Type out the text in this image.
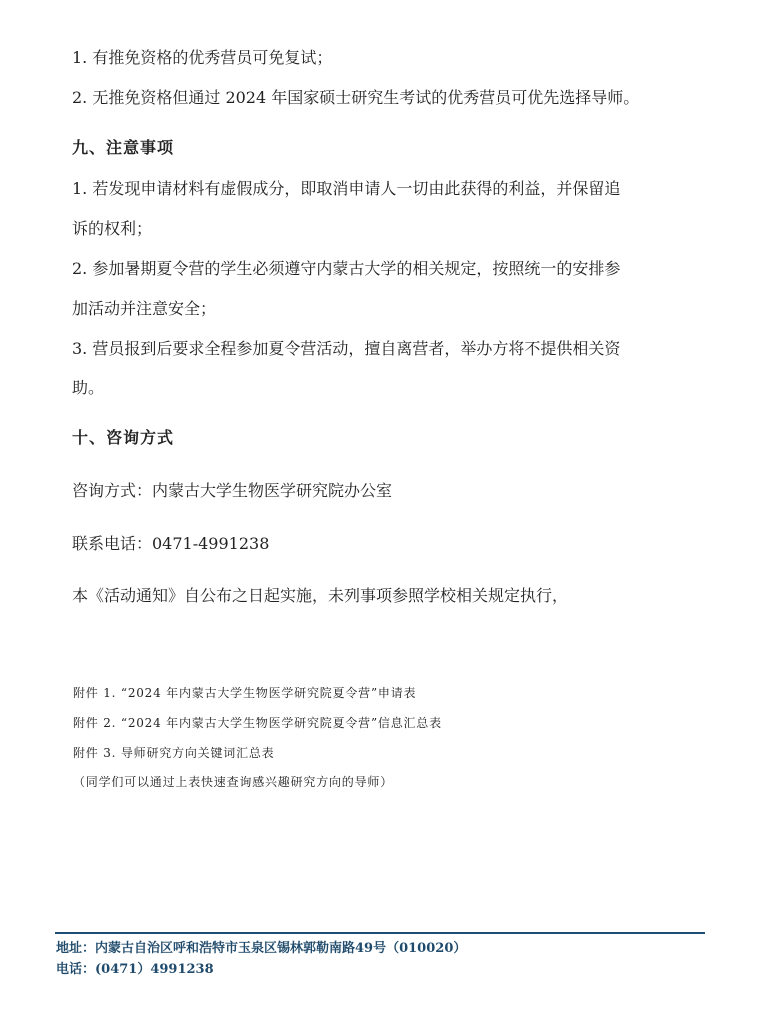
1. 有推免资格的优秀营员可免复试；
2. 无推免资格但通过 2024 年国家硕士研究生考试的优秀营员可优先选择导师。
九、注意事项
1. 若发现申请材料有虚假成分，即取消申请人一切由此获得的利益，并保留追
诉的权利；
2. 参加暑期夏令营的学生必须遵守内蒙古大学的相关规定，按照统一的安排参
加活动并注意安全；
3. 营员报到后要求全程参加夏令营活动，擅自离营者，举办方将不提供相关资
助。
十、咨询方式
咨询方式：内蒙古大学生物医学研究院办公室
联系电话：0471-4991238
本《活动通知》自公布之日起实施，未列事项参照学校相关规定执行，
附件 1. “2024 年内蒙古大学生物医学研究院夏令营”申请表
附件 2. “2024 年内蒙古大学生物医学研究院夏令营”信息汇总表
附件 3. 导师研究方向关键词汇总表
（同学们可以通过上表快速查询感兴趣研究方向的导师）
地址：内蒙古自治区呼和浩特市玉泉区锡林郭勒南路49号（010020）
电话：(0471）4991238
